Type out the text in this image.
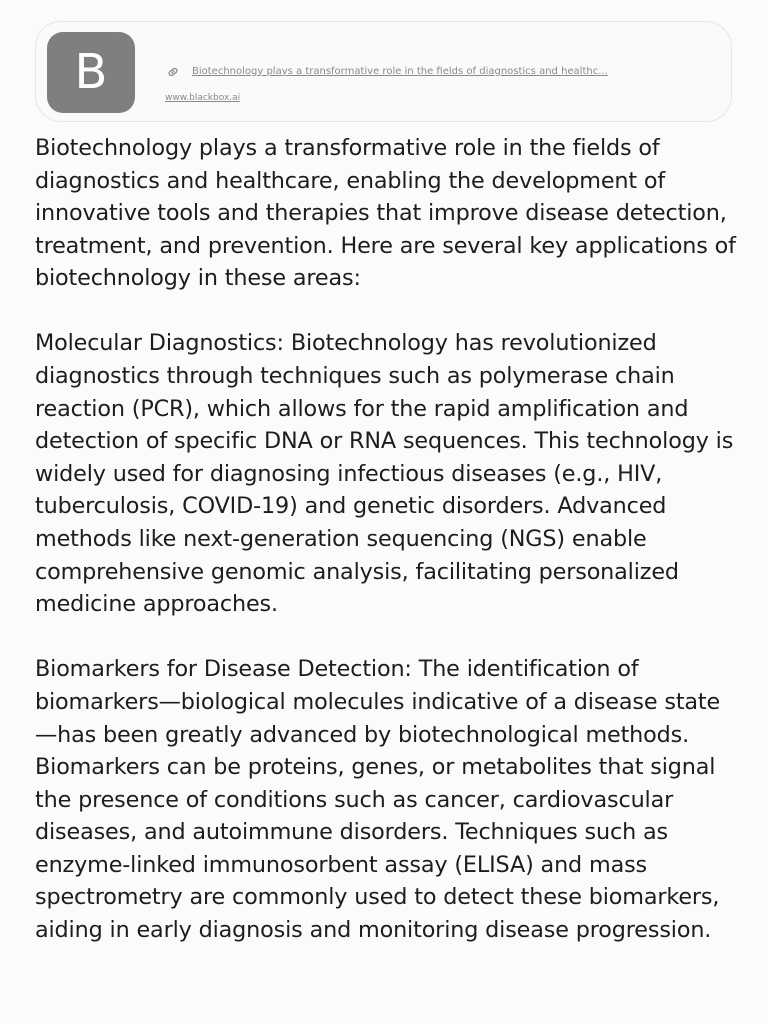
B	Biotechnology plays a transformative role in the fields of diagnostics and healthc...
www.blackbox.ai

Biotechnology plays a transformative role in the fields of diagnostics and healthcare, enabling the development of innovative tools and therapies that improve disease detection, treatment, and prevention. Here are several key applications of biotechnology in these areas:

Molecular Diagnostics: Biotechnology has revolutionized diagnostics through techniques such as polymerase chain reaction (PCR), which allows for the rapid amplification and detection of specific DNA or RNA sequences. This technology is widely used for diagnosing infectious diseases (e.g., HIV, tuberculosis, COVID-19) and genetic disorders. Advanced methods like next-generation sequencing (NGS) enable comprehensive genomic analysis, facilitating personalized medicine approaches.

Biomarkers for Disease Detection: The identification of biomarkers—biological molecules indicative of a disease state—has been greatly advanced by biotechnological methods. Biomarkers can be proteins, genes, or metabolites that signal the presence of conditions such as cancer, cardiovascular diseases, and autoimmune disorders. Techniques such as enzyme-linked immunosorbent assay (ELISA) and mass spectrometry are commonly used to detect these biomarkers, aiding in early diagnosis and monitoring disease progression.
